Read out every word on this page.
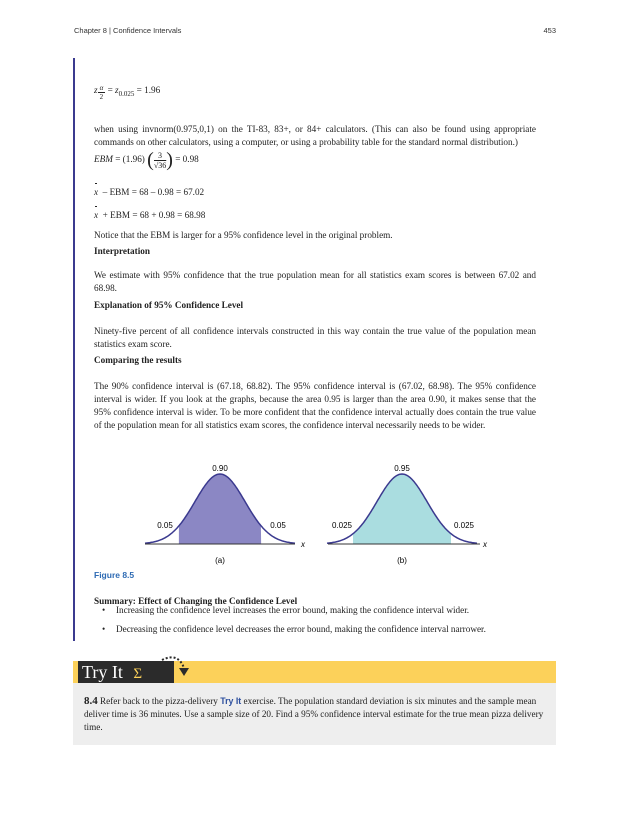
Chapter 8 | Confidence Intervals	453
z $\frac{\alpha}{2} = z_{0.025} = 1.96$
when using invnorm(0.975,0,1) on the TI-83, 83+, or 84+ calculators. (This can also be found using appropriate commands on other calculators, using a computer, or using a probability table for the standard normal distribution.)
EBM = (1.96) ( $\frac{3}{√36}$ ) = 0.98
x – EBM = 68 – 0.98 = 67.02
x + EBM = 68 + 0.98 = 68.98
Notice that the EBM is larger for a 95% confidence level in the original problem.
Interpretation
We estimate with 95% confidence that the true population mean for all statistics exam scores is between 67.02 and 68.98.
Explanation of 95% Confidence Level
Ninety-five percent of all confidence intervals constructed in this way contain the true value of the population mean statistics exam score.
Comparing the results
The 90% confidence interval is (67.18, 68.82). The 95% confidence interval is (67.02, 68.98). The 95% confidence interval is wider. If you look at the graphs, because the area 0.95 is larger than the area 0.90, it makes sense that the 95% confidence interval is wider. To be more confident that the confidence interval actually does contain the true value of the population mean for all statistics exam scores, the confidence interval necessarily needs to be wider.
0.90
0.05	0.05
x
(a)
0.95
0.025	0.025
x
(b)
Figure 8.5
Summary: Effect of Changing the Confidence Level
• Increasing the confidence level increases the error bound, making the confidence interval wider.
• Decreasing the confidence level decreases the error bound, making the confidence interval narrower.
Try It Σ
8.4 Refer back to the pizza-delivery Try It exercise. The population standard deviation is six minutes and the sample mean deliver time is 36 minutes. Use a sample size of 20. Find a 95% confidence interval estimate for the true mean pizza delivery time.
